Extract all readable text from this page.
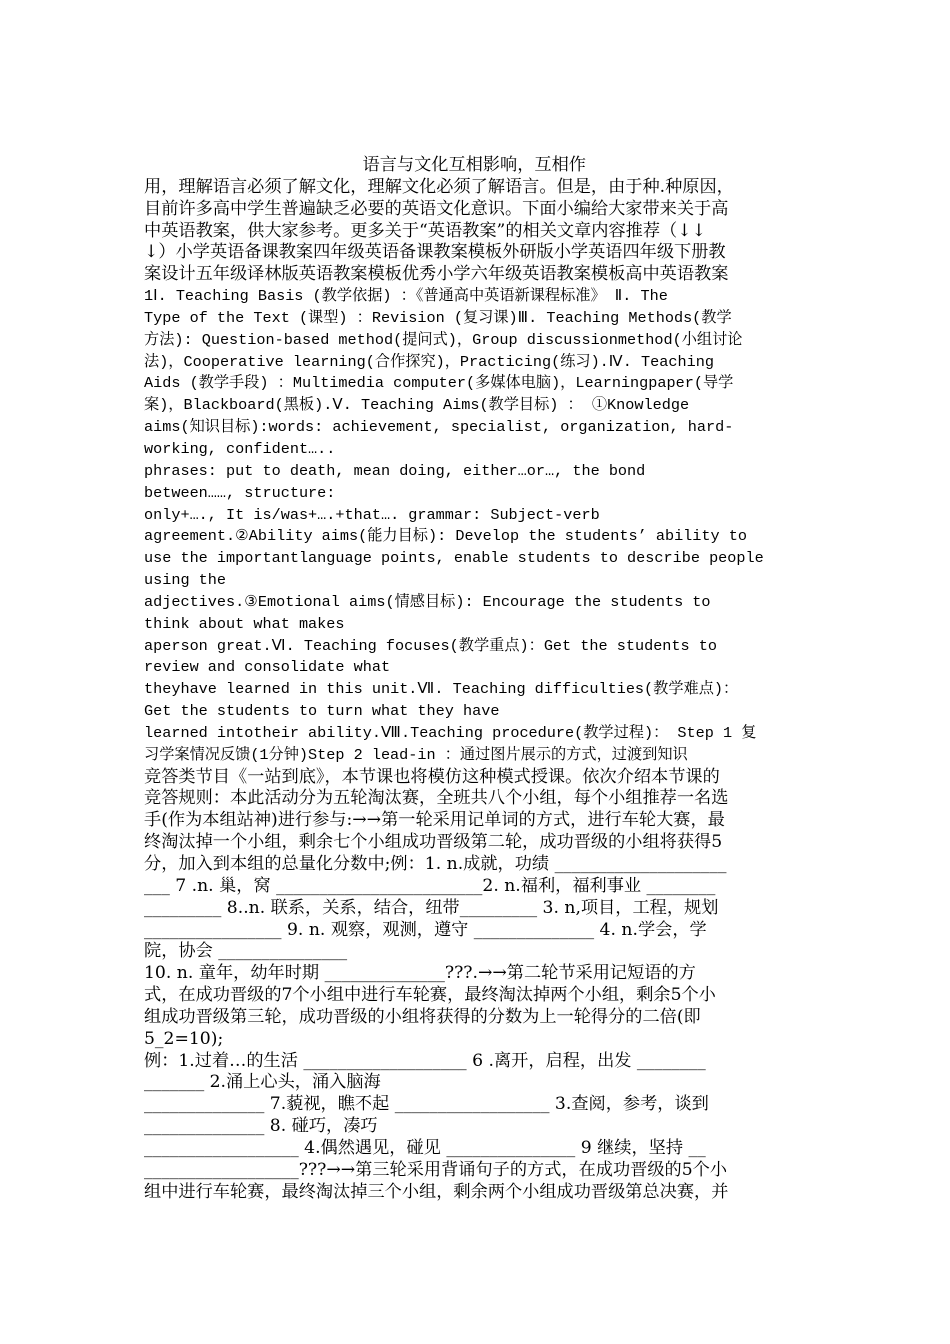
语言与文化互相影响，互相作
用，理解语言必须了解文化，理解文化必须了解语言。但是，由于种.种原因，
目前许多高中学生普遍缺乏必要的英语文化意识。下面小编给大家带来关于高
中英语教案，供大家参考。更多关于“英语教案”的相关文章内容推荐（↓↓
↓）小学英语备课教案四年级英语备课教案模板外研版小学英语四年级下册教
案设计五年级译林版英语教案模板优秀小学六年级英语教案模板高中英语教案
1Ⅰ. Teaching Basis (教学依据) ：《普通高中英语新课程标准》 Ⅱ. The
Type of the Text (课型) ：Revision (复习课)Ⅲ. Teaching Methods(教学
方法): Question-based method(提问式)，Group discussionmethod(小组讨论
法)，Cooperative learning(合作探究)，Practicing(练习).Ⅳ. Teaching
Aids (教学手段) ：Multimedia computer(多媒体电脑)，Learningpaper(导学
案)，Blackboard(黑板).Ⅴ. Teaching Aims(教学目标) ： ①Knowledge
aims(知识目标):words: achievement, specialist, organization, hard-
working, confident…..
phrases: put to death, mean doing, either…or…, the bond
between……, structure:
only+…., It is/was+….+that…. grammar: Subject-verb
agreement.②Ability aims(能力目标): Develop the students’ ability to
use the importantlanguage points, enable students to describe people
using the
adjectives.③Emotional aims(情感目标): Encourage the students to
think about what makes
aperson great.Ⅵ. Teaching focuses(教学重点)：Get the students to
review and consolidate what
theyhave learned in this unit.Ⅶ. Teaching difficulties(教学难点)：
Get the students to turn what they have
learned intotheir ability.Ⅷ.Teaching procedure(教学过程)： Step 1 复
习学案情况反馈(1分钟)Step 2 lead-in ：通过图片展示的方式，过渡到知识
竞答类节目《一站到底》，本节课也将模仿这种模式授课。依次介绍本节课的
竞答规则：本此活动分为五轮淘汰赛，全班共八个小组，每个小组推荐一名选
手(作为本组站神)进行参与:→→第一轮采用记单词的方式，进行车轮大赛，最
终淘汰掉一个小组，剩余七个小组成功晋级第二轮，成功晋级的小组将获得5
分，加入到本组的总量化分数中;例：1. n.成就，功绩 ____________________
___ 7 .n. 巢，窝 ________________________2. n.福利，福利事业 ________
_________ 8..n. 联系，关系，结合，纽带_________ 3. n,项目，工程，规划
________________ 9. n. 观察，观测，遵守 ______________ 4. n.学会，学
院，协会 _______________
10. n. 童年，幼年时期 ______________???.→→第二轮节采用记短语的方
式，在成功晋级的7个小组中进行车轮赛，最终淘汰掉两个小组，剩余5个小
组成功晋级第三轮，成功晋级的小组将获得的分数为上一轮得分的二倍(即
5_2=10);
例：1.过着…的生活 ___________________ 6 .离开，启程，出发 ________
_______ 2.涌上心头，涌入脑海
______________ 7.藐视，瞧不起 __________________ 3.查阅，参考，谈到
______________ 8. 碰巧，凑巧
__________________ 4.偶然遇见，碰见 _______________ 9 继续，坚持 __
__________________???→→第三轮采用背诵句子的方式，在成功晋级的5个小
组中进行车轮赛，最终淘汰掉三个小组，剩余两个小组成功晋级第总决赛，并
